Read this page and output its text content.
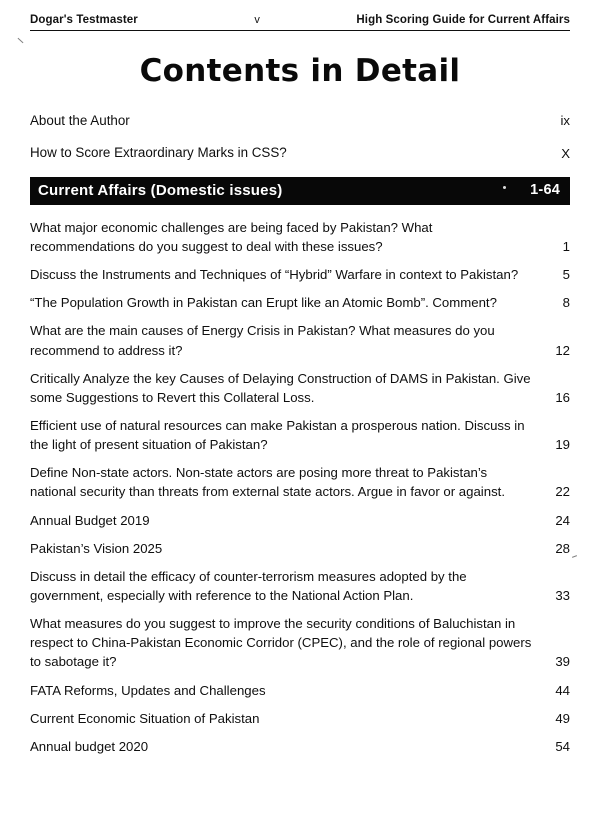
Dogar's Testmaster	v	High Scoring Guide for Current Affairs
Contents in Detail
About the Author	ix
How to Score Extraordinary Marks in CSS?	X
Current Affairs (Domestic issues)	1-64
What major economic challenges are being faced by Pakistan? What recommendations do you suggest to deal with these issues?	1
Discuss the Instruments and Techniques of “Hybrid” Warfare in context to Pakistan?	5
“The Population Growth in Pakistan can Erupt like an Atomic Bomb”. Comment?	8
What are the main causes of Energy Crisis in Pakistan? What measures do you recommend to address it?	12
Critically Analyze the key Causes of Delaying Construction of DAMS in Pakistan. Give some Suggestions to Revert this Collateral Loss.	16
Efficient use of natural resources can make Pakistan a prosperous nation. Discuss in the light of present situation of Pakistan?	19
Define Non-state actors. Non-state actors are posing more threat to Pakistan’s national security than threats from external state actors. Argue in favor or against.	22
Annual Budget 2019	24
Pakistan’s Vision 2025	28
Discuss in detail the efficacy of counter-terrorism measures adopted by the government, especially with reference to the National Action Plan.	33
What measures do you suggest to improve the security conditions of Baluchistan in respect to China-Pakistan Economic Corridor (CPEC), and the role of regional powers to sabotage it?	39
FATA Reforms, Updates and Challenges	44
Current Economic Situation of Pakistan	49
Annual budget 2020	54
